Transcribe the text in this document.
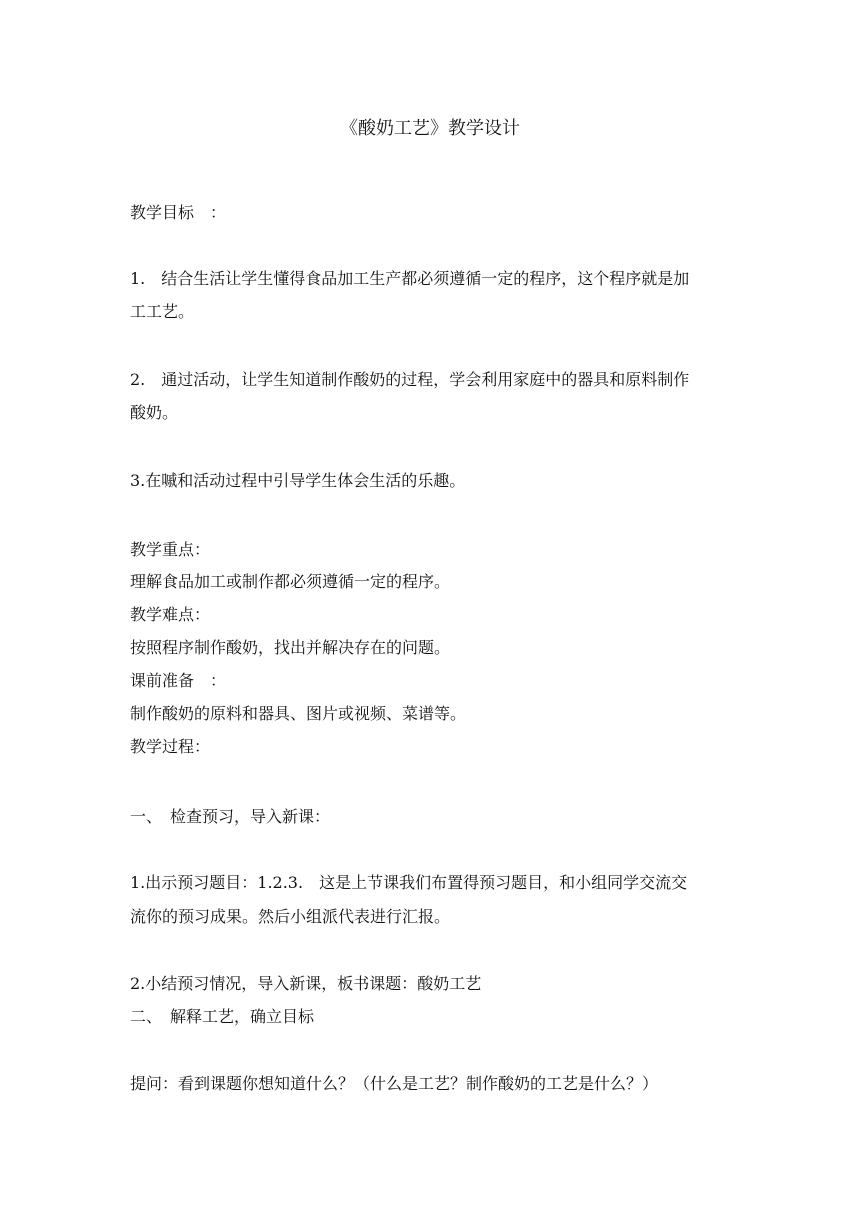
《酸奶工艺》教学设计
教学目标　：
1.　结合生活让学生懂得食品加工生产都必须遵循一定的程序，这个程序就是加
工工艺。
2.　通过活动，让学生知道制作酸奶的过程，学会利用家庭中的器具和原料制作
酸奶。
3.在嘁和活动过程中引导学生体会生活的乐趣。
教学重点：
理解食品加工或制作都必须遵循一定的程序。
教学难点：
按照程序制作酸奶，找出并解决存在的问题。
课前准备　：
制作酸奶的原料和器具、图片或视频、菜谱等。
教学过程：
一、　检查预习，导入新课：
1.出示预习题目：1.2.3.　这是上节课我们布置得预习题目，和小组同学交流交
流你的预习成果。然后小组派代表进行汇报。
2.小结预习情况，导入新课，板书课题：酸奶工艺
二、　解释工艺，确立目标
提问：看到课题你想知道什么？（什么是工艺？制作酸奶的工艺是什么？）
